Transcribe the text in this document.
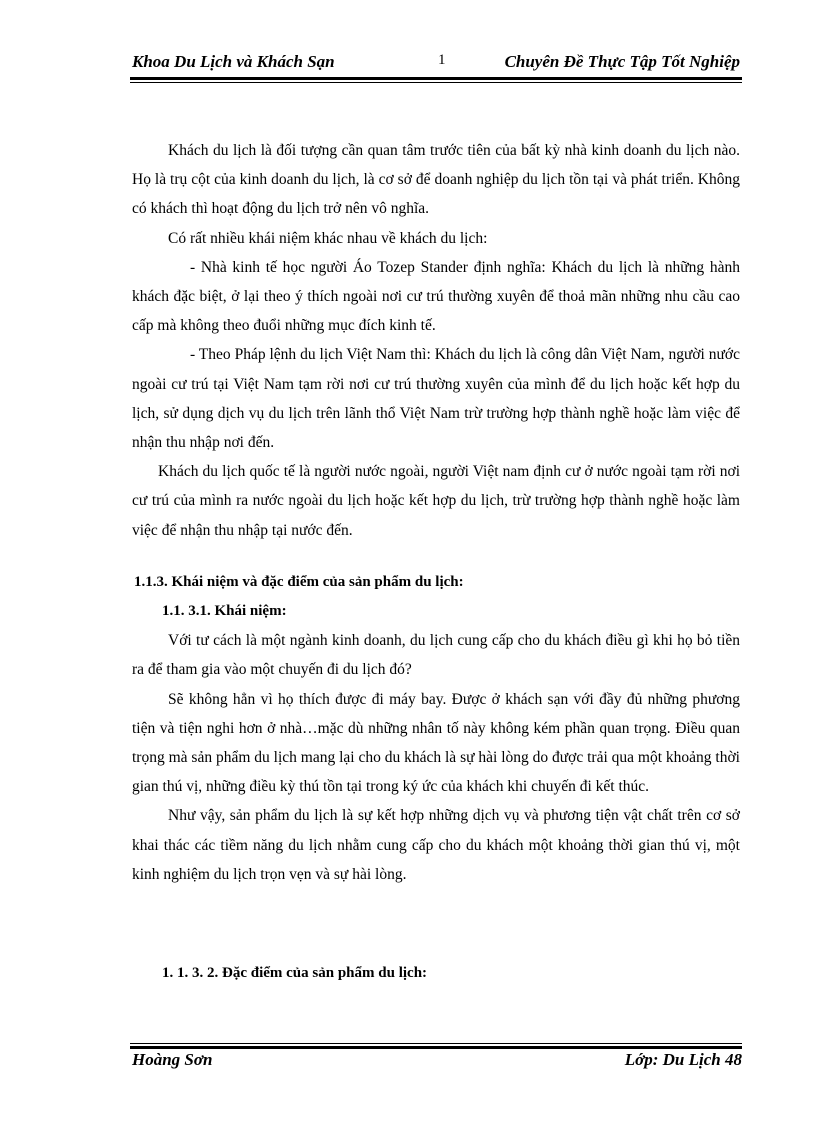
Khoa Du Lịch và Khách Sạn	1	Chuyên Đề Thực Tập Tốt Nghiệp

Khách du lịch là đối tượng cần quan tâm trước tiên của bất kỳ nhà kinh doanh du lịch nào. Họ là trụ cột của kinh doanh du lịch, là cơ sở để doanh nghiệp du lịch tồn tại và phát triển. Không có khách thì hoạt động du lịch trở nên vô nghĩa.

Có rất nhiều khái niệm khác nhau về khách du lịch:

- Nhà kinh tế học người Áo Tozep Stander định nghĩa: Khách du lịch là những hành khách đặc biệt, ở lại theo ý thích ngoài nơi cư trú thường xuyên để thoả mãn những nhu cầu cao cấp mà không theo đuổi những mục đích kinh tế.

- Theo Pháp lệnh du lịch Việt Nam thì: Khách du lịch là công dân Việt Nam, người nước ngoài cư trú tại Việt Nam tạm rời nơi cư trú thường xuyên của mình để du lịch hoặc kết hợp du lịch, sử dụng dịch vụ du lịch trên lãnh thổ Việt Nam trừ trường hợp thành nghề hoặc làm việc để nhận thu nhập nơi đến.

Khách du lịch quốc tế là người nước ngoài, người Việt nam định cư ở nước ngoài tạm rời nơi cư trú của mình ra nước ngoài du lịch hoặc kết hợp du lịch, trừ trường hợp thành nghề hoặc làm việc để nhận thu nhập tại nước đến.

1.1.3. Khái niệm và đặc điểm của sản phẩm du lịch:

1.1. 3.1. Khái niệm:

Với tư cách là một ngành kinh doanh, du lịch cung cấp cho du khách điều gì khi họ bỏ tiền ra để tham gia vào một chuyến đi du lịch đó?

Sẽ không hẳn vì họ thích được đi máy bay. Được ở khách sạn với đầy đủ những phương tiện và tiện nghi hơn ở nhà…mặc dù những nhân tố này không kém phần quan trọng. Điều quan trọng mà sản phẩm du lịch mang lại cho du khách là sự hài lòng do được trải qua một khoảng thời gian thú vị, những điều kỳ thú tồn tại trong ký ức của khách khi chuyến đi kết thúc.

Như vậy, sản phẩm du lịch là sự kết hợp những dịch vụ và phương tiện vật chất trên cơ sở khai thác các tiềm năng du lịch nhằm cung cấp cho du khách một khoảng thời gian thú vị, một kinh nghiệm du lịch trọn vẹn và sự hài lòng.

1. 1. 3. 2. Đặc điểm của sản phẩm du lịch:

Hoàng Sơn	Lớp: Du Lịch 48
